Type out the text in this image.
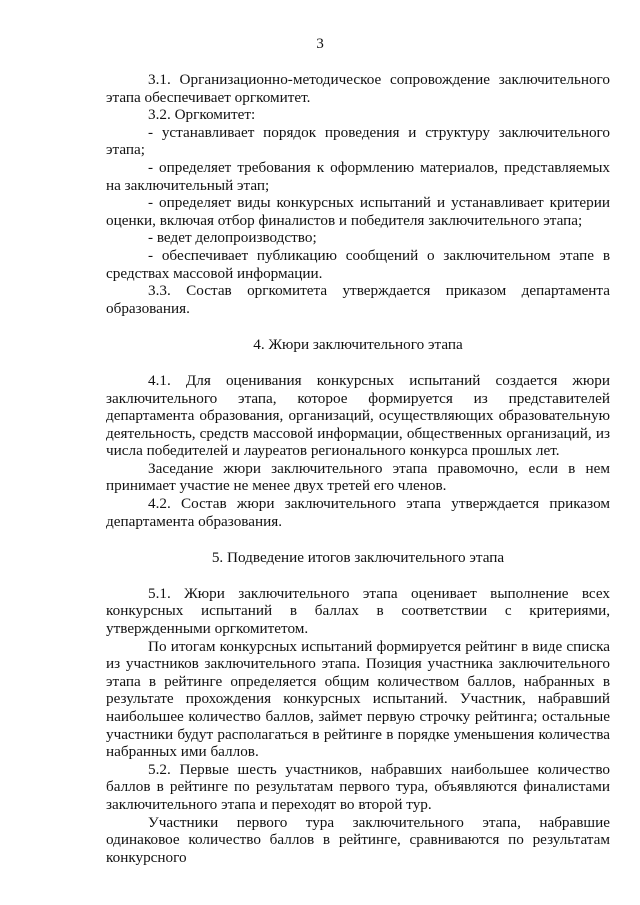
3

3.1. Организационно-методическое сопровождение заключительного этапа обеспечивает оргкомитет.

3.2. Оргкомитет:

- устанавливает порядок проведения и структуру заключительного этапа;

- определяет требования к оформлению материалов, представляемых на заключительный этап;

- определяет виды конкурсных испытаний и устанавливает критерии оценки, включая отбор финалистов и победителя заключительного этапа;

- ведет делопроизводство;

- обеспечивает публикацию сообщений о заключительном этапе в средствах массовой информации.

3.3. Состав оргкомитета утверждается приказом департамента образования.

4. Жюри заключительного этапа

4.1. Для оценивания конкурсных испытаний создается жюри заключительного этапа, которое формируется из представителей департамента образования, организаций, осуществляющих образовательную деятельность, средств массовой информации, общественных организаций, из числа победителей и лауреатов регионального конкурса прошлых лет.

Заседание жюри заключительного этапа правомочно, если в нем принимает участие не менее двух третей его членов.

4.2. Состав жюри заключительного этапа утверждается приказом департамента образования.

5. Подведение итогов заключительного этапа

5.1. Жюри заключительного этапа оценивает выполнение всех конкурсных испытаний в баллах в соответствии с критериями, утвержденными оргкомитетом.

По итогам конкурсных испытаний формируется рейтинг в виде списка из участников заключительного этапа. Позиция участника заключительного этапа в рейтинге определяется общим количеством баллов, набранных в результате прохождения конкурсных испытаний. Участник, набравший наибольшее количество баллов, займет первую строчку рейтинга; остальные участники будут располагаться в рейтинге в порядке уменьшения количества набранных ими баллов.

5.2. Первые шесть участников, набравших наибольшее количество баллов в рейтинге по результатам первого тура, объявляются финалистами заключительного этапа и переходят во второй тур.

Участники первого тура заключительного этапа, набравшие одинаковое количество баллов в рейтинге, сравниваются по результатам конкурсного
